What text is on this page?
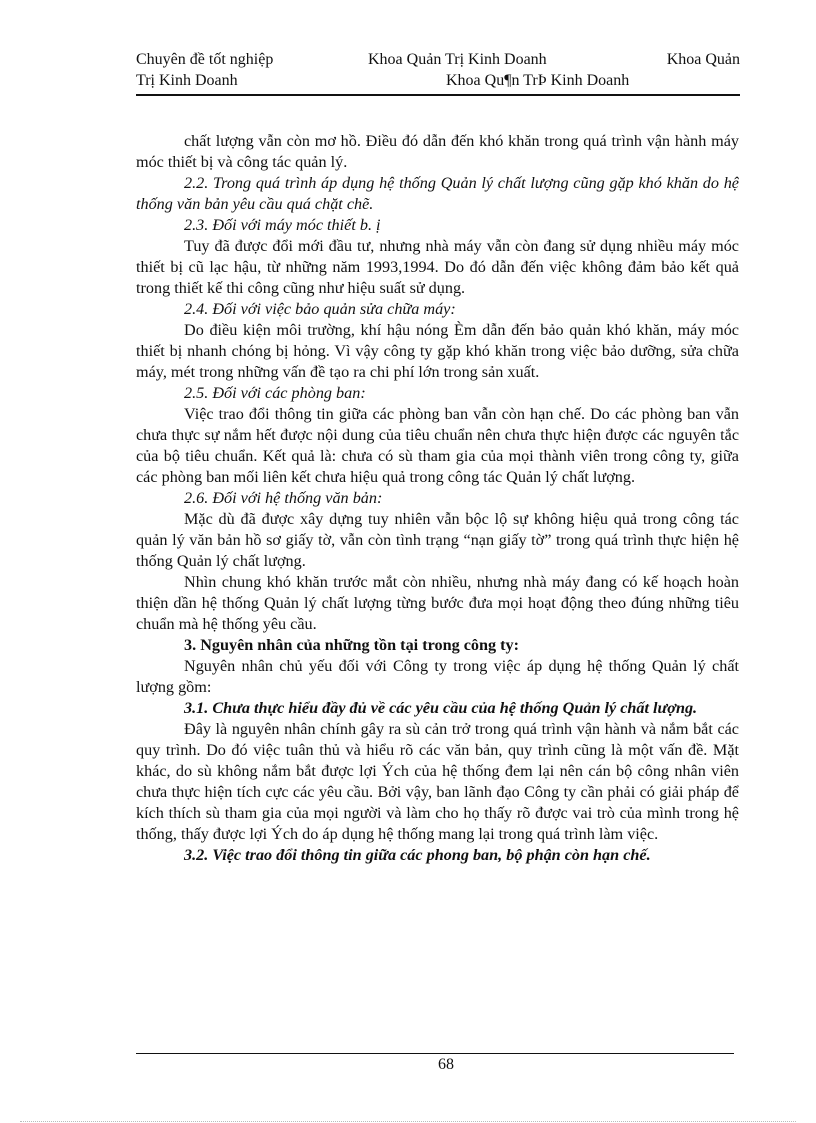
Chuyên đề tốt nghiệp	Khoa Quản Trị Kinh Doanh	Khoa Quản
Trị Kinh Doanh	Khoa Qu¶n TrÞ Kinh Doanh

chất lượng vẫn còn mơ hồ. Điều đó dẫn đến khó khăn trong quá trình vận hành máy móc thiết bị và công tác quản lý.

2.2. Trong quá trình áp dụng hệ thống Quản lý chất lượng cũng gặp khó khăn do hệ thống văn bản yêu cầu quá chặt chẽ.

2.3. Đối với máy móc thiết b. ị

Tuy đã được đổi mới đầu tư, nhưng nhà máy vẫn còn đang sử dụng nhiều máy móc thiết bị cũ lạc hậu, từ những năm 1993,1994. Do đó dẫn đến việc không đảm bảo kết quả trong thiết kế thi công cũng như hiệu suất sử dụng.

2.4. Đối với việc bảo quản sửa chữa máy:

Do điều kiện môi trường, khí hậu nóng Èm dẫn đến bảo quản khó khăn, máy móc thiết bị nhanh chóng bị hỏng. Vì vậy công ty gặp khó khăn trong việc bảo dưỡng, sửa chữa máy, mét trong những vấn đề tạo ra chi phí lớn trong sản xuất.

2.5. Đối với các phòng ban:

Việc trao đổi thông tin giữa các phòng ban vẫn còn hạn chế. Do các phòng ban vẫn chưa thực sự nắm hết được nội dung của tiêu chuẩn nên chưa thực hiện được các nguyên tắc của bộ tiêu chuẩn. Kết quả là: chưa có sù tham gia của mọi thành viên trong công ty, giữa các phòng ban mối liên kết chưa hiệu quả trong công tác Quản lý chất lượng.

2.6. Đối với hệ thống văn bản:

Mặc dù đã được xây dựng tuy nhiên vẫn bộc lộ sự không hiệu quả trong công tác quản lý văn bản hồ sơ giấy tờ, vẫn còn tình trạng “nạn giấy tờ” trong quá trình thực hiện hệ thống Quản lý chất lượng.

Nhìn chung khó khăn trước mắt còn nhiều, nhưng nhà máy đang có kế hoạch hoàn thiện dần hệ thống Quản lý chất lượng từng bước đưa mọi hoạt động theo đúng những tiêu chuẩn mà hệ thống yêu cầu.

3. Nguyên nhân của những tồn tại trong công ty:

Nguyên nhân chủ yếu đối với Công ty trong việc áp dụng hệ thống Quản lý chất lượng gồm:

3.1. Chưa thực hiểu đầy đủ về các yêu cầu của hệ thống Quản lý chất lượng.

Đây là nguyên nhân chính gây ra sù cản trở trong quá trình vận hành và nắm bắt các quy trình. Do đó việc tuân thủ và hiểu rõ các văn bản, quy trình cũng là một vấn đề. Mặt khác, do sù không nắm bắt được lợi Ých của hệ thống đem lại nên cán bộ công nhân viên chưa thực hiện tích cực các yêu cầu. Bởi vậy, ban lãnh đạo Công ty cần phải có giải pháp để kích thích sù tham gia của mọi người và làm cho họ thấy rõ được vai trò của mình trong hệ thống, thấy được lợi Ých do áp dụng hệ thống mang lại trong quá trình làm việc.

3.2. Việc trao đổi thông tin giữa các phong ban, bộ phận còn hạn chế.

68
